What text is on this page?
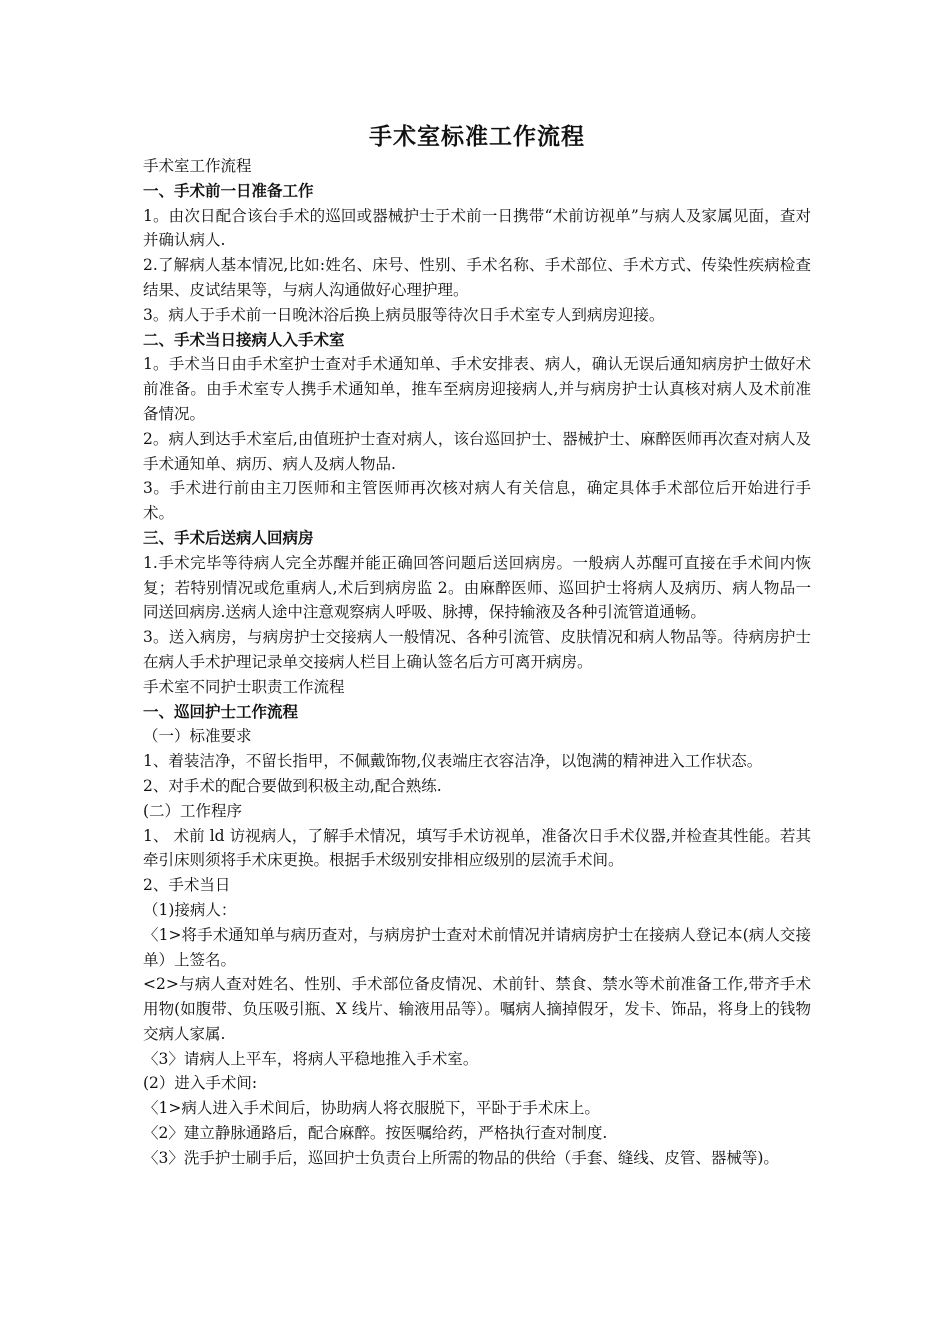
手术室标准工作流程

手术室工作流程

一、手术前一日准备工作

1。由次日配合该台手术的巡回或器械护士于术前一日携带“术前访视单”与病人及家属见面，查对并确认病人.

2.了解病人基本情况,比如:姓名、床号、性别、手术名称、手术部位、手术方式、传染性疾病检查结果、皮试结果等，与病人沟通做好心理护理。

3。病人于手术前一日晚沐浴后换上病员服等待次日手术室专人到病房迎接。

二、手术当日接病人入手术室

1。手术当日由手术室护士查对手术通知单、手术安排表、病人，确认无误后通知病房护士做好术前准备。由手术室专人携手术通知单，推车至病房迎接病人,并与病房护士认真核对病人及术前准备情况。

2。病人到达手术室后,由值班护士查对病人，该台巡回护士、器械护士、麻醉医师再次查对病人及手术通知单、病历、病人及病人物品.

3。手术进行前由主刀医师和主管医师再次核对病人有关信息，确定具体手术部位后开始进行手术。

三、手术后送病人回病房

1.手术完毕等待病人完全苏醒并能正确回答问题后送回病房。一般病人苏醒可直接在手术间内恢复；若特别情况或危重病人,术后到病房监 2。由麻醉医师、巡回护士将病人及病历、病人物品一同送回病房.送病人途中注意观察病人呼吸、脉搏，保持输液及各种引流管道通畅。

3。送入病房，与病房护士交接病人一般情况、各种引流管、皮肤情况和病人物品等。待病房护士在病人手术护理记录单交接病人栏目上确认签名后方可离开病房。

手术室不同护士职责工作流程

一、巡回护士工作流程

（一）标准要求

1、着装洁净，不留长指甲，不佩戴饰物,仪表端庄衣容洁净，以饱满的精神进入工作状态。

2、对手术的配合要做到积极主动,配合熟练.

(二）工作程序

1、 术前 ld 访视病人，了解手术情况，填写手术访视单，准备次日手术仪器,并检查其性能。若其牵引床则须将手术床更换。根据手术级别安排相应级别的层流手术间。

2、手术当日

（1)接病人：

〈1>将手术通知单与病历查对，与病房护士查对术前情况并请病房护士在接病人登记本(病人交接单）上签名。

<2>与病人查对姓名、性别、手术部位备皮情况、术前针、禁食、禁水等术前准备工作,带齐手术用物(如腹带、负压吸引瓶、X 线片、输液用品等）。嘱病人摘掉假牙，发卡、饰品，将身上的钱物交病人家属.

〈3〉请病人上平车，将病人平稳地推入手术室。

(2）进入手术间:

〈1>病人进入手术间后，协助病人将衣服脱下，平卧于手术床上。

〈2〉建立静脉通路后，配合麻醉。按医嘱给药，严格执行查对制度.

〈3〉洗手护士刷手后，巡回护士负责台上所需的物品的供给（手套、缝线、皮管、器械等)。
